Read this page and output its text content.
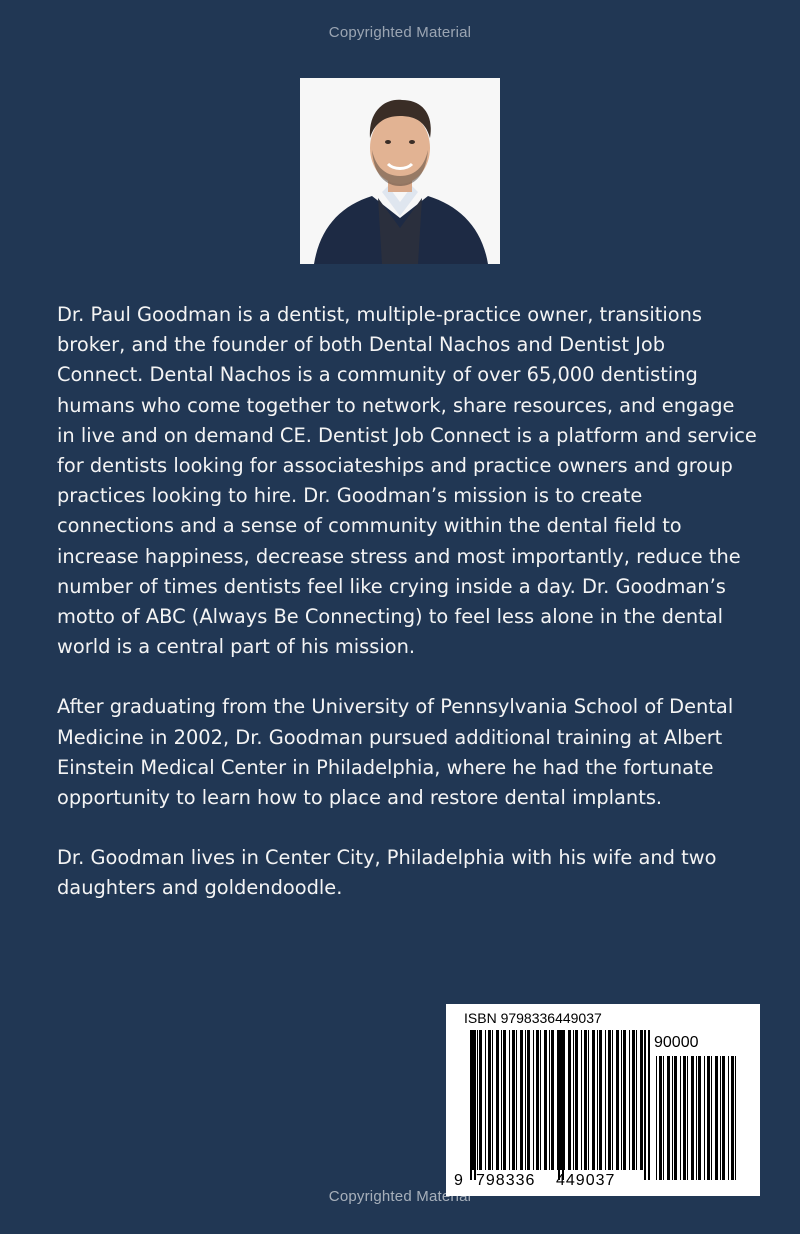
Copyrighted Material

Dr. Paul Goodman is a dentist, multiple-practice owner, transitions broker, and the founder of both Dental Nachos and Dentist Job Connect. Dental Nachos is a community of over 65,000 dentisting humans who come together to network, share resources, and engage in live and on demand CE. Dentist Job Connect is a platform and service for dentists looking for associateships and practice owners and group practices looking to hire. Dr. Goodman’s mission is to create connections and a sense of community within the dental field to increase happiness, decrease stress and most importantly, reduce the number of times dentists feel like crying inside a day. Dr. Goodman’s motto of ABC (Always Be Connecting) to feel less alone in the dental world is a central part of his mission.

After graduating from the University of Pennsylvania School of Dental Medicine in 2002, Dr. Goodman pursued additional training at Albert Einstein Medical Center in Philadelphia, where he had the fortunate opportunity to learn how to place and restore dental implants.

Dr. Goodman lives in Center City, Philadelphia with his wife and two daughters and goldendoodle.

ISBN 9798336449037
90000
9 798336 449037
Copyrighted Material
